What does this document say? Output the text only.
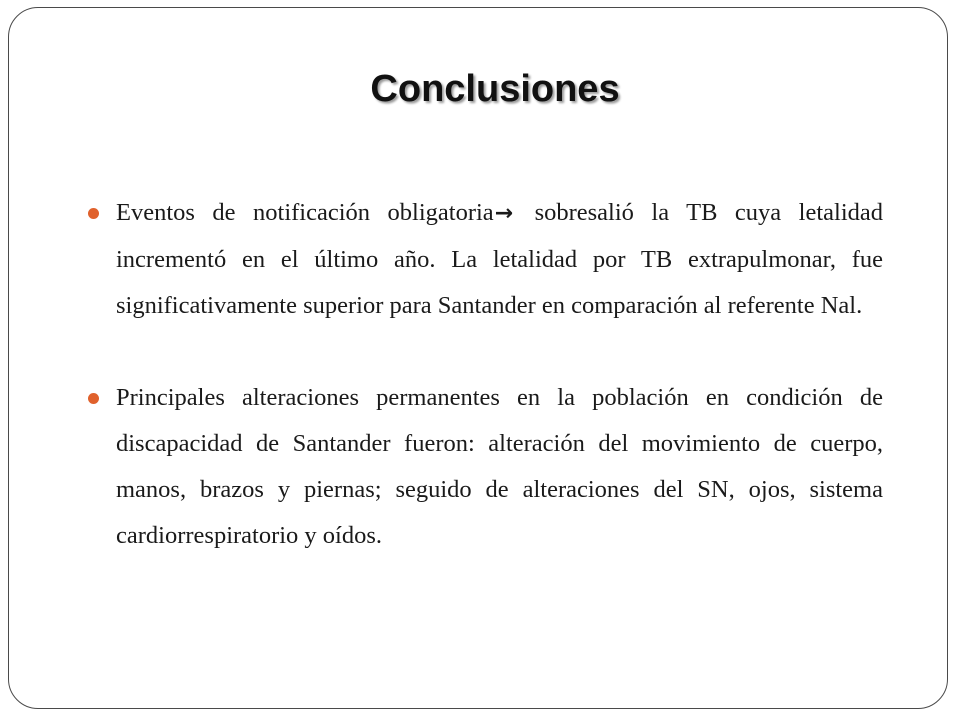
Conclusiones
Eventos de notificación obligatoria→ sobresalió la TB cuya letalidad incrementó en el último año. La letalidad por TB extrapulmonar, fue significativamente superior para Santander en comparación al referente Nal.
Principales alteraciones permanentes en la población en condición de discapacidad de Santander fueron: alteración del movimiento de cuerpo, manos, brazos y piernas; seguido de alteraciones del SN, ojos, sistema cardiorrespiratorio y oídos.
